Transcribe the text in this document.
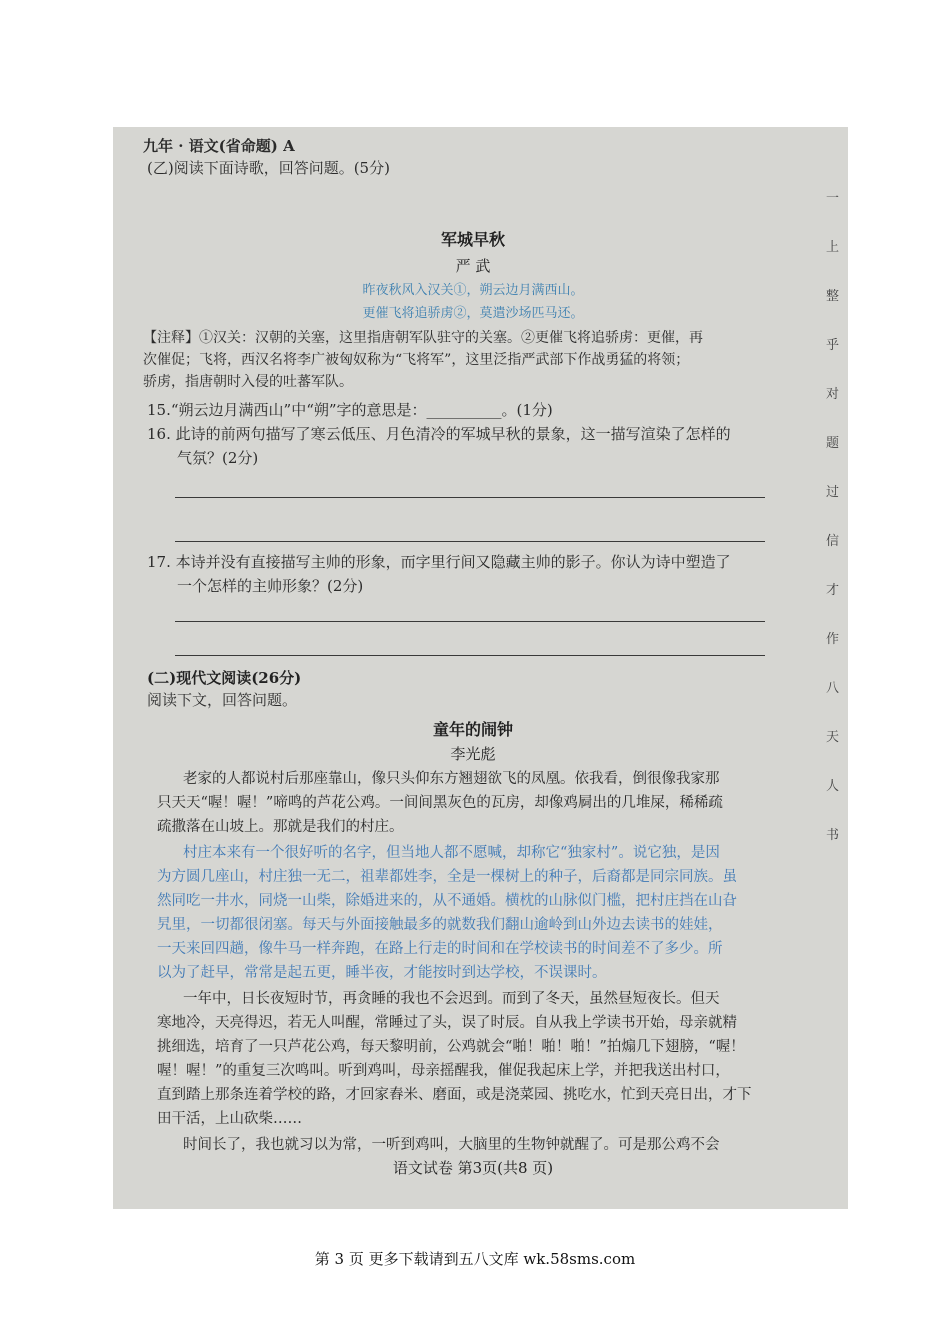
九年 · 语文(省命题) A
(乙)阅读下面诗歌，回答问题。(5分)
军城早秋
严 武
昨夜秋风入汉关①，朔云边月满西山。
更催飞将追骄虏②，莫遣沙场匹马还。
【注释】①汉关：汉朝的关塞，这里指唐朝军队驻守的关塞。②更催飞将追骄虏：更催，再
次催促；飞将，西汉名将李广被匈奴称为“飞将军”，这里泛指严武部下作战勇猛的将领；
骄虏，指唐朝时入侵的吐蕃军队。
15.“朔云边月满西山”中“朔”字的意思是：__________。(1分)
16. 此诗的前两句描写了寒云低压、月色清冷的军城早秋的景象，这一描写渲染了怎样的
气氛？(2分)
17. 本诗并没有直接描写主帅的形象，而字里行间又隐藏主帅的影子。你认为诗中塑造了
一个怎样的主帅形象？(2分)
(二)现代文阅读(26分)
阅读下文，回答问题。
童年的闹钟
李光彪
老家的人都说村后那座靠山，像只头仰东方翘翅欲飞的凤凰。依我看，倒很像我家那
只天天“喔！喔！”啼鸣的芦花公鸡。一间间黑灰色的瓦房，却像鸡屙出的几堆屎，稀稀疏
疏撒落在山坡上。那就是我们的村庄。
村庄本来有一个很好听的名字，但当地人都不愿喊，却称它“独家村”。说它独，是因
为方圆几座山，村庄独一无二，祖辈都姓李，全是一棵树上的种子，后裔都是同宗同族。虽
然同吃一井水，同烧一山柴，除婚进来的，从不通婚。横枕的山脉似门槛，把村庄挡在山旮
旯里，一切都很闭塞。每天与外面接触最多的就数我们翻山逾岭到山外边去读书的娃娃，
一天来回四趟，像牛马一样奔跑，在路上行走的时间和在学校读书的时间差不了多少。所
以为了赶早，常常是起五更，睡半夜，才能按时到达学校，不误课时。
一年中，日长夜短时节，再贪睡的我也不会迟到。而到了冬天，虽然昼短夜长。但天
寒地冷，天亮得迟，若无人叫醒，常睡过了头，误了时辰。自从我上学读书开始，母亲就精
挑细选，培育了一只芦花公鸡，每天黎明前，公鸡就会“啪！啪！啪！”拍煽几下翅膀，“喔！
喔！喔！”的重复三次鸣叫。听到鸡叫，母亲摇醒我，催促我起床上学，并把我送出村口，
直到踏上那条连着学校的路，才回家舂米、磨面，或是浇菜园、挑吃水，忙到天亮日出，才下
田干活，上山砍柴……
时间长了，我也就习以为常，一听到鸡叫，大脑里的生物钟就醒了。可是那公鸡不会
语文试卷 第3页(共8 页)
一
上
整
乎
对
题
过
信
才
作
八
天
人
书
第 3 页 更多下载请到五八文库 wk.58sms.com
